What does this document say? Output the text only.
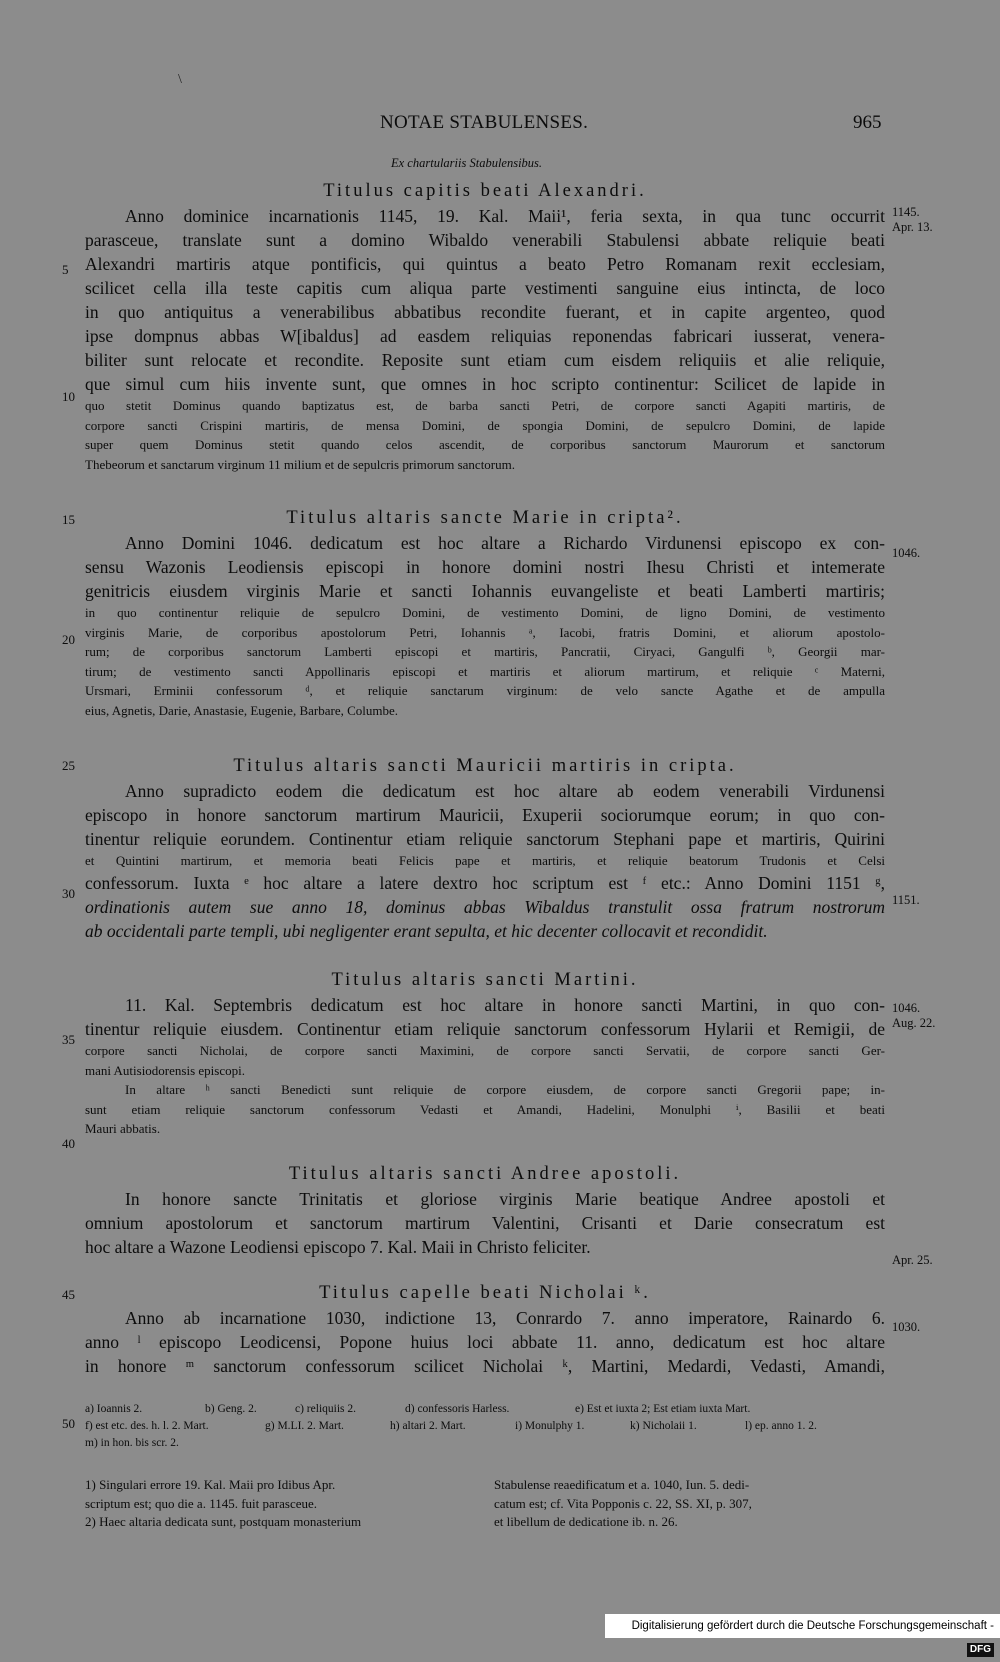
\
NOTAE STABULENSES.	965
Ex chartulariis Stabulensibus.
Titulus capitis beati Alexandri.
Anno dominice incarnationis 1145, 19. Kal. Maii¹, feria sexta, in qua tunc occurrit
parasceue, translate sunt a domino Wibaldo venerabili Stabulensi abbate reliquie beati
Alexandri martiris atque pontificis, qui quintus a beato Petro Romanam rexit ecclesiam,
scilicet cella illa teste capitis cum aliqua parte vestimenti sanguine eius intincta, de loco
in quo antiquitus a venerabilibus abbatibus recondite fuerant, et in capite argenteo, quod
ipse dompnus abbas W[ibaldus] ad easdem reliquias reponendas fabricari iusserat, venera-
biliter sunt relocate et recondite. Reposite sunt etiam cum eisdem reliquiis et alie reliquie,
que simul cum hiis invente sunt, que omnes in hoc scripto continentur: Scilicet de lapide in
quo stetit Dominus quando baptizatus est, de barba sancti Petri, de corpore sancti Agapiti martiris, de
corpore sancti Crispini martiris, de mensa Domini, de spongia Domini, de sepulcro Domini, de lapide
super quem Dominus stetit quando celos ascendit, de corporibus sanctorum Maurorum et sanctorum
Thebeorum et sanctarum virginum 11 milium et de sepulcris primorum sanctorum.
Titulus altaris sancte Marie in cripta².
Anno Domini 1046. dedicatum est hoc altare a Richardo Virdunensi episcopo ex con-
sensu Wazonis Leodiensis episcopi in honore domini nostri Ihesu Christi et intemerate
genitricis eiusdem virginis Marie et sancti Iohannis euvangeliste et beati Lamberti martiris;
in quo continentur reliquie de sepulcro Domini, de vestimento Domini, de ligno Domini, de vestimento
virginis Marie, de corporibus apostolorum Petri, Iohannis ᵃ, Iacobi, fratris Domini, et aliorum apostolo-
rum; de corporibus sanctorum Lamberti episcopi et martiris, Pancratii, Ciryaci, Gangulfi ᵇ, Georgii mar-
tirum; de vestimento sancti Appollinaris episcopi et martiris et aliorum martirum, et reliquie ᶜ Materni,
Ursmari, Erminii confessorum ᵈ, et reliquie sanctarum virginum: de velo sancte Agathe et de ampulla
eius, Agnetis, Darie, Anastasie, Eugenie, Barbare, Columbe.
Titulus altaris sancti Mauricii martiris in cripta.
Anno supradicto eodem die dedicatum est hoc altare ab eodem venerabili Virdunensi
episcopo in honore sanctorum martirum Mauricii, Exuperii sociorumque eorum; in quo con-
tinentur reliquie eorundem. Continentur etiam reliquie sanctorum Stephani pape et martiris, Quirini
et Quintini martirum, et memoria beati Felicis pape et martiris, et reliquie beatorum Trudonis et Celsi
confessorum. Iuxta ᵉ hoc altare a latere dextro hoc scriptum est ᶠ etc.: Anno Domini 1151 ᵍ,
ordinationis autem sue anno 18, dominus abbas Wibaldus transtulit ossa fratrum nostrorum
ab occidentali parte templi, ubi negligenter erant sepulta, et hic decenter collocavit et recondidit.
Titulus altaris sancti Martini.
11. Kal. Septembris dedicatum est hoc altare in honore sancti Martini, in quo con-
tinentur reliquie eiusdem. Continentur etiam reliquie sanctorum confessorum Hylarii et Remigii, de
corpore sancti Nicholai, de corpore sancti Maximini, de corpore sancti Servatii, de corpore sancti Ger-
mani Autisiodorensis episcopi.
In altare ʰ sancti Benedicti sunt reliquie de corpore eiusdem, de corpore sancti Gregorii pape; in-
sunt etiam reliquie sanctorum confessorum Vedasti et Amandi, Hadelini, Monulphi ⁱ, Basilii et beati
Mauri abbatis.
Titulus altaris sancti Andree apostoli.
In honore sancte Trinitatis et gloriose virginis Marie beatique Andree apostoli et
omnium apostolorum et sanctorum martirum Valentini, Crisanti et Darie consecratum est
hoc altare a Wazone Leodiensi episcopo 7. Kal. Maii in Christo feliciter.
Titulus capelle beati Nicholai ᵏ.
Anno ab incarnatione 1030, indictione 13, Conrardo 7. anno imperatore, Rainardo 6.
anno ˡ episcopo Leodicensi, Popone huius loci abbate 11. anno, dedicatum est hoc altare
in honore ᵐ sanctorum confessorum scilicet Nicholai ᵏ, Martini, Medardi, Vedasti, Amandi,
5
10
15
20
25
30
35
40
45
50
1145.
Apr. 13.
1046.
1151.
1046.
Aug. 22.
Apr. 25.
1030.
a) Ioannis 2.	b) Geng. 2.	c) reliquiis 2.	d) confessoris Harless.	e) Est et iuxta 2; Est etiam iuxta Mart.
f) est etc. des. h. l. 2. Mart.	g) M.LI. 2. Mart.	h) altari 2. Mart.	i) Monulphy 1.	k) Nicholaii 1.	l) ep. anno 1. 2.
m) in hon. bis scr. 2.
1) Singulari errore 19. Kal. Maii pro Idibus Apr.
scriptum est; quo die a. 1145. fuit parasceue.
2) Haec altaria dedicata sunt, postquam monasterium
Stabulense reaedificatum et a. 1040, Iun. 5. dedi-
catum est; cf. Vita Popponis c. 22, SS. XI, p. 307,
et libellum de dedicatione ib. n. 26.
Digitalisierung gefördert durch die Deutsche Forschungsgemeinschaft -DFG
